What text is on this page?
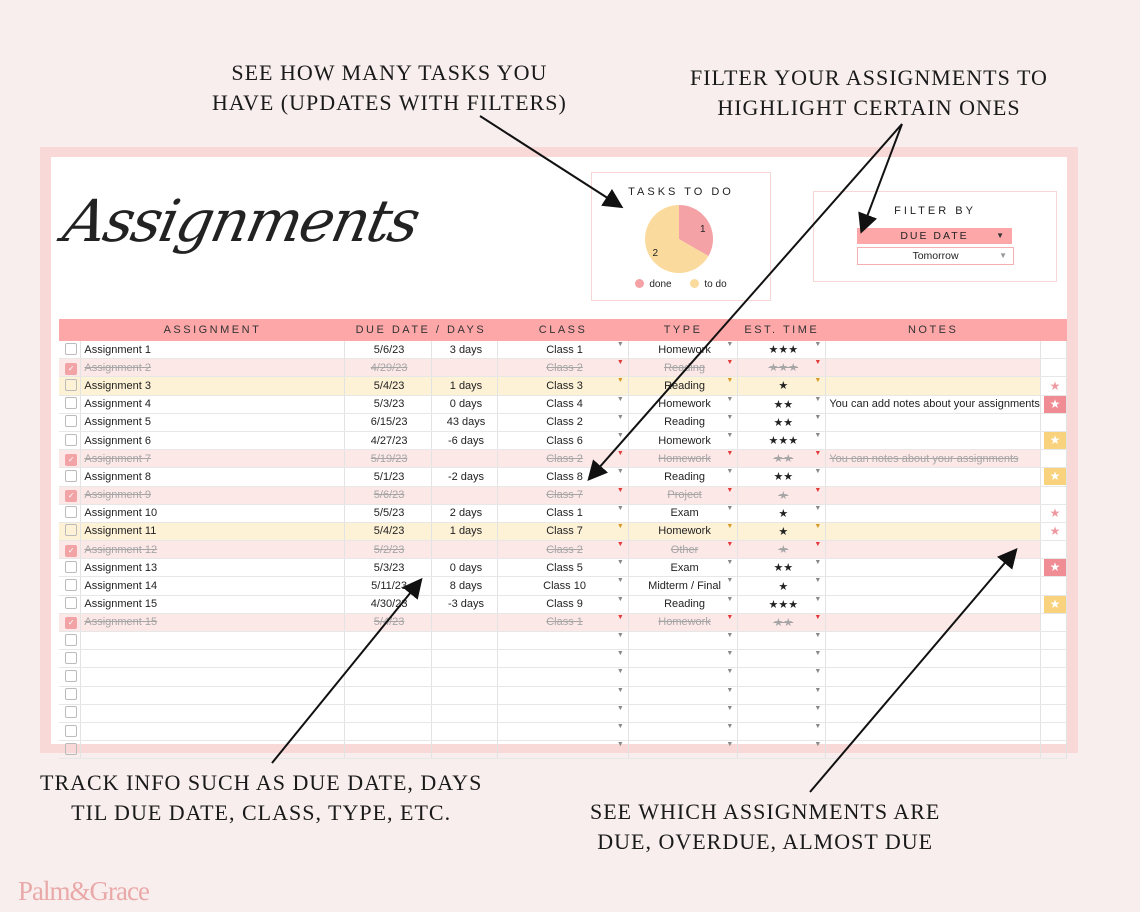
SEE HOW MANY TASKS YOU
HAVE (UPDATES WITH FILTERS)
FILTER YOUR ASSIGNMENTS TO
HIGHLIGHT CERTAIN ONES
TRACK INFO SUCH AS DUE DATE, DAYS
TIL DUE DATE, CLASS, TYPE, ETC.	SEE WHICH ASSIGNMENTS ARE
DUE, OVERDUE, ALMOST DUE
Palm&Grace
Assignments	TASKS TO DO
1
2
done	to do
FILTER BY
DUE DATE	▼
Tomorrow	▼
	ASSIGNMENT	DUE DATE / DAYS		CLASS	TYPE	EST. TIME	NOTES	
	Assignment 1	5/6/23	3 days	Class 1 ▼	Homework ▼	★★★ ▼		

✓	Assignment 2	4/29/23		Class 2 ▼	Reading ▼	★★★ ▼		

	Assignment 3	5/4/23	1 days	Class 3 ▼	Reading ▼	★ ▼		★
	Assignment 4	5/3/23	0 days	Class 4 ▼	Homework ▼	★★ ▼	You can add notes about your assignments	★
	Assignment 5	6/15/23	43 days	Class 2 ▼	Reading ▼	★★ ▼		

	Assignment 6	4/27/23	-6 days	Class 6 ▼	Homework ▼	★★★ ▼		★
✓	Assignment 7	5/19/23		Class 2 ▼	Homework ▼	★★ ▼	You can notes about your assignments	
	Assignment 8	5/1/23	-2 days	Class 8 ▼	Reading ▼	★★ ▼		★
✓	Assignment 9	5/6/23		Class 7 ▼	Project ▼	★ ▼		

	Assignment 10	5/5/23	2 days	Class 1 ▼	Exam ▼	★ ▼		★
	Assignment 11	5/4/23	1 days	Class 7 ▼	Homework ▼	★ ▼		★
✓	Assignment 12	5/2/23		Class 2 ▼	Other ▼	★ ▼		

	Assignment 13	5/3/23	0 days	Class 5 ▼	Exam ▼	★★ ▼		★
	Assignment 14	5/11/23	8 days	Class 10 ▼	Midterm / Final ▼	★ ▼		

	Assignment 15	4/30/23	-3 days	Class 9 ▼	Reading ▼	★★★ ▼		★
✓	Assignment 15	5/4/23		Class 1 ▼	Homework ▼	★★ ▼		

				▼	▼	▼		

				▼	▼	▼		

				▼	▼	▼		

				▼	▼	▼		

				▼	▼	▼		

				▼	▼	▼		

				▼	▼	▼		
